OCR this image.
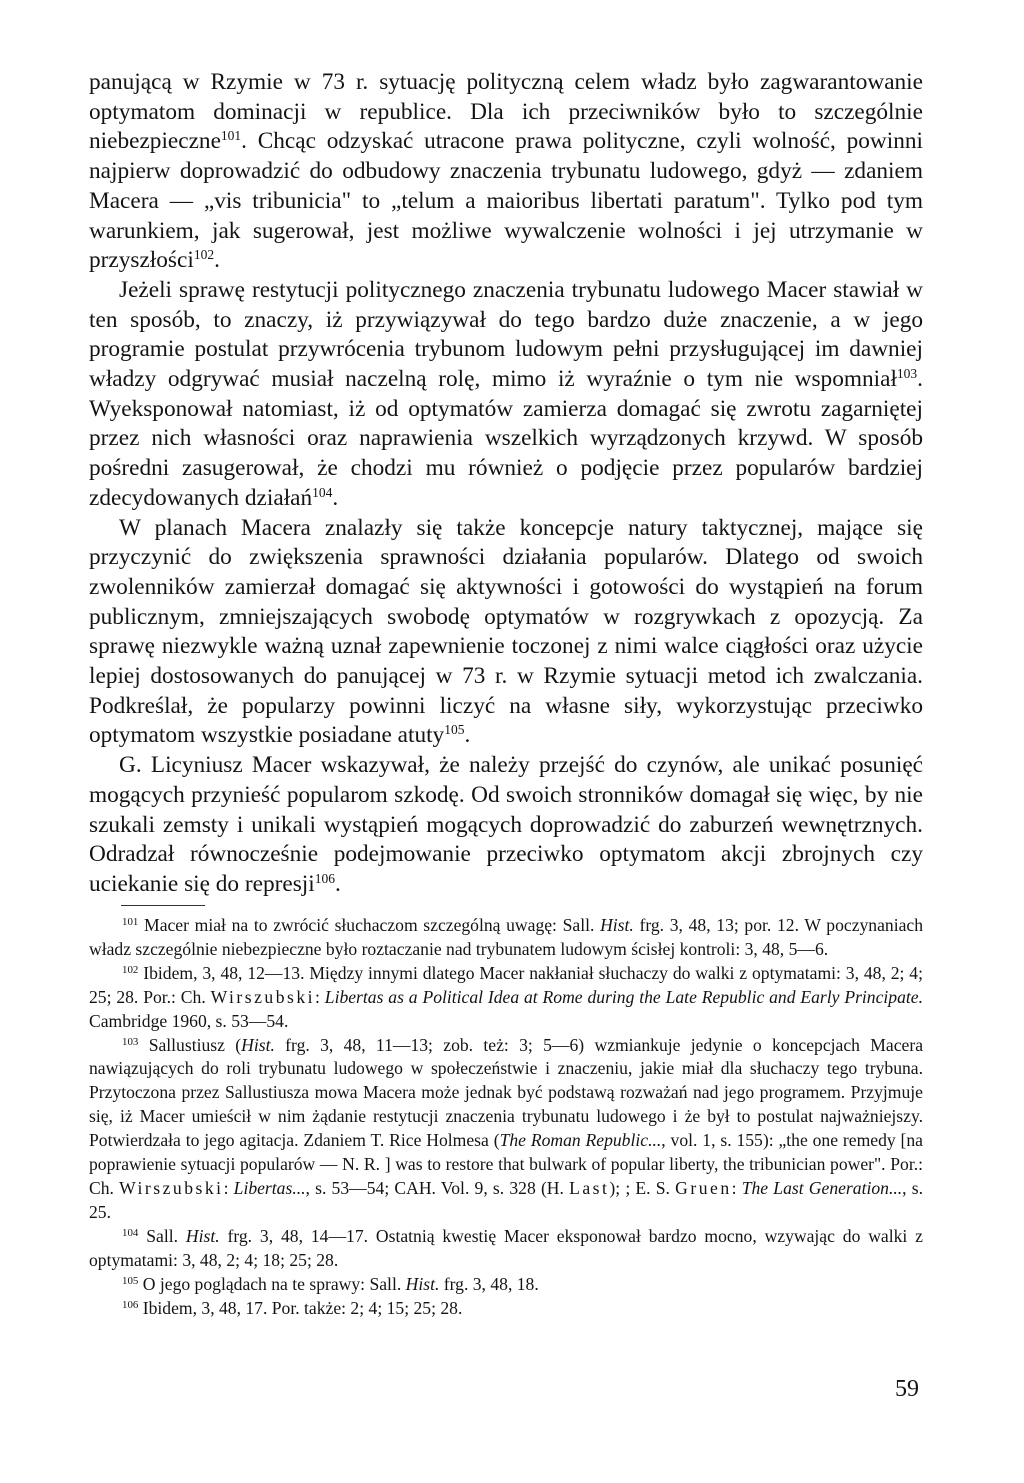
panującą w Rzymie w 73 r. sytuację polityczną celem władz było zagwarantowanie optymatom dominacji w republice. Dla ich przeciwników było to szczególnie niebezpieczne$^{101}$. Chcąc odzyskać utracone prawa polityczne, czyli wolność, powinni najpierw doprowadzić do odbudowy znaczenia trybunatu ludowego, gdyż — zdaniem Macera — „vis tribunicia" to „telum a maioribus libertati paratum". Tylko pod tym warunkiem, jak sugerował, jest możliwe wywalczenie wolności i jej utrzymanie w przyszłości$^{102}$.

Jeżeli sprawę restytucji politycznego znaczenia trybunatu ludowego Macer stawiał w ten sposób, to znaczy, iż przywiązywał do tego bardzo duże znaczenie, a w jego programie postulat przywrócenia trybunom ludowym pełni przysługującej im dawniej władzy odgrywać musiał naczelną rolę, mimo iż wyraźnie o tym nie wspomniał$^{103}$. Wyeksponował natomiast, iż od optymatów zamierza domagać się zwrotu zagarniętej przez nich własności oraz naprawienia wszelkich wyrządzonych krzywd. W sposób pośredni zasugerował, że chodzi mu również o podjęcie przez popularów bardziej zdecydowanych działań$^{104}$.

W planach Macera znalazły się także koncepcje natury taktycznej, mające się przyczynić do zwiększenia sprawności działania popularów. Dlatego od swoich zwolenników zamierzał domagać się aktywności i gotowości do wystąpień na forum publicznym, zmniejszających swobodę optymatów w rozgrywkach z opozycją. Za sprawę niezwykle ważną uznał zapewnienie toczonej z nimi walce ciągłości oraz użycie lepiej dostosowanych do panującej w 73 r. w Rzymie sytuacji metod ich zwalczania. Podkreślał, że popularzy powinni liczyć na własne siły, wykorzystując przeciwko optymatom wszystkie posiadane atuty$^{105}$.

G. Licyniusz Macer wskazywał, że należy przejść do czynów, ale unikać posunięć mogących przynieść popularom szkodę. Od swoich stronników domagał się więc, by nie szukali zemsty i unikali wystąpień mogących doprowadzić do zaburzeń wewnętrznych. Odradzał równocześnie podejmowanie przeciwko optymatom akcji zbrojnych czy uciekanie się do represji$^{106}$.

$^{101}$ Macer miał na to zwrócić słuchaczom szczególną uwagę: Sall. Hist. frg. 3, 48, 13; por. 12. W poczynaniach władz szczególnie niebezpieczne było roztaczanie nad trybunatem ludowym ścisłej kontroli: 3, 48, 5—6.

$^{102}$ Ibidem, 3, 48, 12—13. Między innymi dlatego Macer nakłaniał słuchaczy do walki z optymatami: 3, 48, 2; 4; 25; 28. Por.: Ch. Wirszubski: Libertas as a Political Idea at Rome during the Late Republic and Early Principate. Cambridge 1960, s. 53—54.

$^{103}$ Sallustiusz (Hist. frg. 3, 48, 11—13; zob. też: 3; 5—6) wzmiankuje jedynie o koncepcjach Macera nawiązujących do roli trybunatu ludowego w społeczeństwie i znaczeniu, jakie miał dla słuchaczy tego trybuna. Przytoczona przez Sallustiusza mowa Macera może jednak być podstawą rozważań nad jego programem. Przyjmuje się, iż Macer umieścił w nim żądanie restytucji znaczenia trybunatu ludowego i że był to postulat najważniejszy. Potwierdzała to jego agitacja. Zdaniem T. Rice Holmesa (The Roman Republic..., vol. 1, s. 155): „the one remedy [na poprawienie sytuacji popularów — N. R. ] was to restore that bulwark of popular liberty, the tribunician power". Por.: Ch. Wirszubski: Libertas..., s. 53—54; CAH. Vol. 9, s. 328 (H. Last); ; E. S. Gruen: The Last Generation..., s. 25.

$^{104}$ Sall. Hist. frg. 3, 48, 14—17. Ostatnią kwestię Macer eksponował bardzo mocno, wzywając do walki z optymatami: 3, 48, 2; 4; 18; 25; 28.

$^{105}$ O jego poglądach na te sprawy: Sall. Hist. frg. 3, 48, 18.

$^{106}$ Ibidem, 3, 48, 17. Por. także: 2; 4; 15; 25; 28.

59
